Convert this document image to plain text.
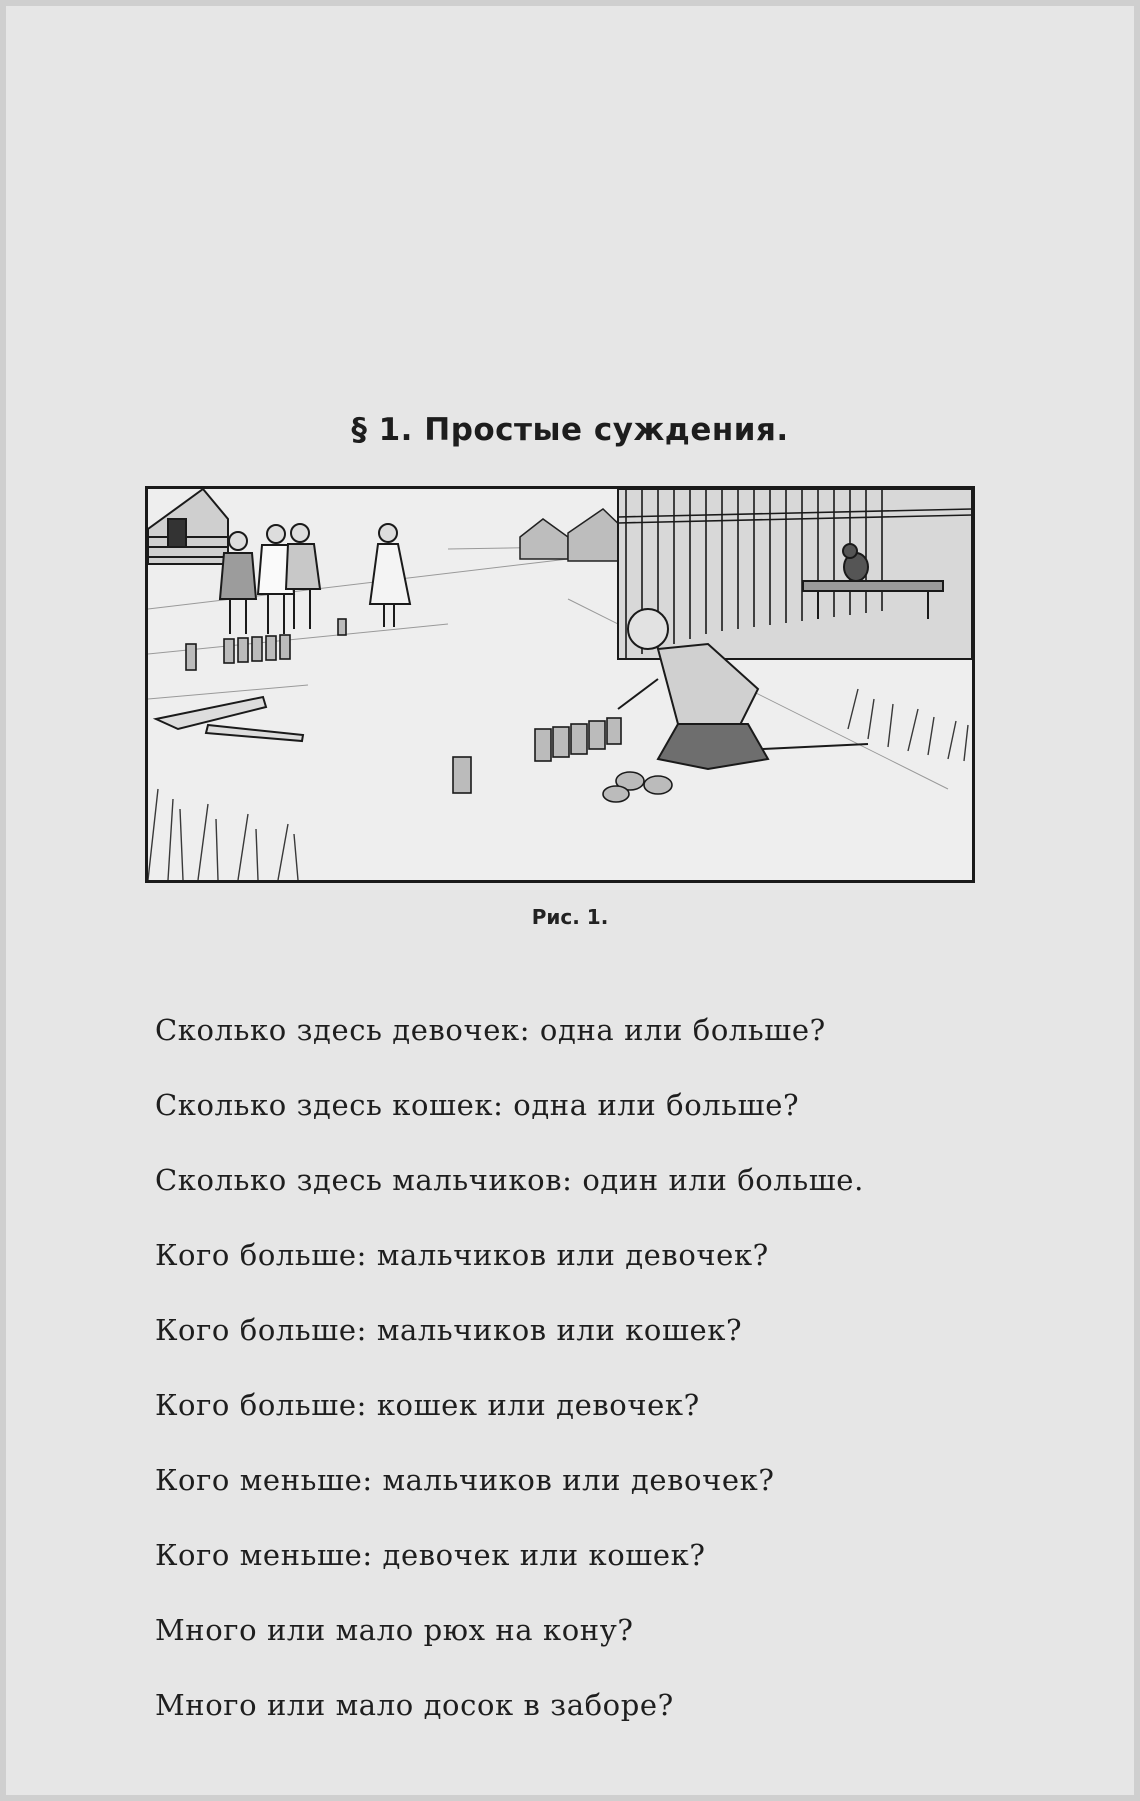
§ 1. Простые суждения.
Рис. 1.
Сколько здесь девочек: одна или больше?
Сколько здесь кошек: одна или больше?
Сколько здесь мальчиков: один или больше.
Кого больше: мальчиков или девочек?
Кого больше: мальчиков или кошек?
Кого больше: кошек или девочек?
Кого меньше: мальчиков или девочек?
Кого меньше: девочек или кошек?
Много или мало рюх на кону?
Много или мало досок в заборе?
